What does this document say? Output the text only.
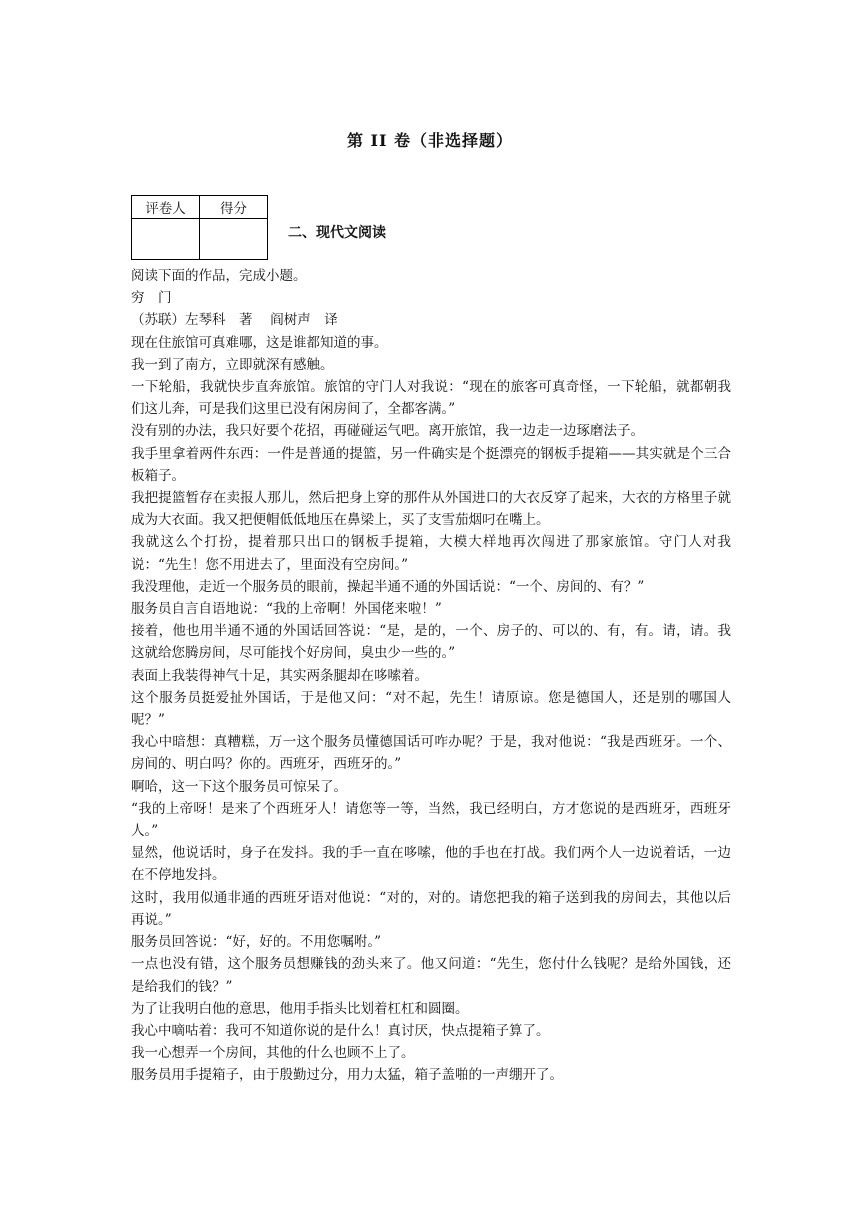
第 II 卷（非选择题）
评卷人	得分

二、现代文阅读

阅读下面的作品，完成小题。

穷　门

（苏联）左琴科　著　 阎树声　译

现在住旅馆可真难哪，这是谁都知道的事。

我一到了南方，立即就深有感触。

一下轮船，我就快步直奔旅馆。旅馆的守门人对我说：“现在的旅客可真奇怪，一下轮船，就都朝我们这儿奔，可是我们这里已没有闲房间了，全都客满。”

没有别的办法，我只好要个花招，再碰碰运气吧。离开旅馆，我一边走一边琢磨法子。

我手里拿着两件东西：一件是普通的提篮，另一件确实是个挺漂亮的钢板手提箱——其实就是个三合板箱子。

我把提篮暂存在卖报人那儿，然后把身上穿的那件从外国进口的大衣反穿了起来，大衣的方格里子就成为大衣面。我又把便帽低低地压在鼻梁上，买了支雪茄烟叼在嘴上。

我就这么个打扮，提着那只出口的钢板手提箱，大模大样地再次闯进了那家旅馆。守门人对我说：“先生！您不用进去了，里面没有空房间。”

我没理他，走近一个服务员的眼前，操起半通不通的外国话说：“一个、房间的、有？”

服务员自言自语地说：“我的上帝啊！外国佬来啦！”

接着，他也用半通不通的外国话回答说：“是，是的，一个、房子的、可以的、有，有。请，请。我这就给您腾房间，尽可能找个好房间，臭虫少一些的。”

表面上我装得神气十足，其实两条腿却在哆嗦着。

这个服务员挺爱扯外国话，于是他又问：“对不起，先生！请原谅。您是德国人，还是别的哪国人呢？”

我心中暗想：真糟糕，万一这个服务员懂德国话可咋办呢？于是，我对他说：“我是西班牙。一个、房间的、明白吗？你的。西班牙，西班牙的。”

啊哈，这一下这个服务员可惊呆了。

“我的上帝呀！是来了个西班牙人！请您等一等，当然，我已经明白，方才您说的是西班牙，西班牙人。”

显然，他说话时，身子在发抖。我的手一直在哆嗦，他的手也在打战。我们两个人一边说着话，一边在不停地发抖。

这时，我用似通非通的西班牙语对他说：“对的，对的。请您把我的箱子送到我的房间去，其他以后再说。”

服务员回答说：“好，好的。不用您嘱咐。”

一点也没有错，这个服务员想赚钱的劲头来了。他又问道：“先生，您付什么钱呢？是给外国钱，还是给我们的钱？”

为了让我明白他的意思，他用手指头比划着杠杠和圆圈。

我心中嘀咕着：我可不知道你说的是什么！真讨厌，快点提箱子算了。

我一心想弄一个房间，其他的什么也顾不上了。

服务员用手提箱子，由于殷勤过分，用力太猛，箱子盖啪的一声绷开了。
